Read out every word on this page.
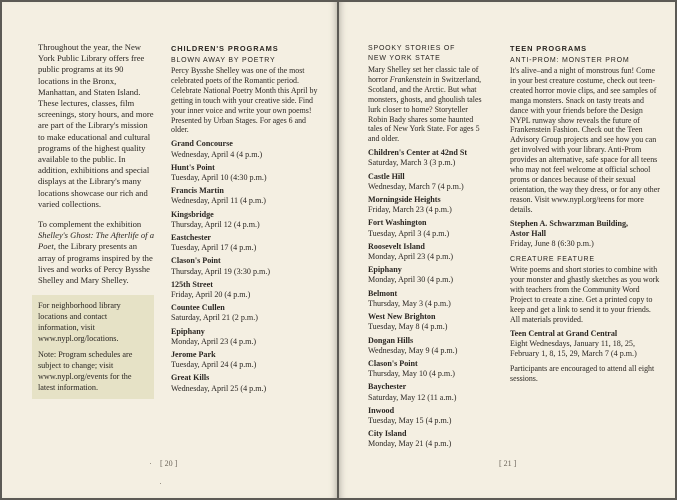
Throughout the year, the New York Public Library offers free public programs at its 90 locations in the Bronx, Manhattan, and Staten Island. These lectures, classes, film screenings, story hours, and more are part of the Library's mission to make educational and cultural programs of the highest quality available to the public. In addition, exhibitions and special displays at the Library's many locations showcase our rich and varied collections.

To complement the exhibition Shelley's Ghost: The Afterlife of a Poet, the Library presents an array of programs inspired by the lives and works of Percy Bysshe Shelley and Mary Shelley.

For neighborhood library locations and contact information, visit www.nypl.org/locations.

Note: Program schedules are subject to change; visit www.nypl.org/events for the latest information.

CHILDREN'S PROGRAMS
BLOWN AWAY BY POETRY

Percy Bysshe Shelley was one of the most celebrated poets of the Romantic period. Celebrate National Poetry Month this April by getting in touch with your creative side. Find your inner voice and write your own poems! Presented by Urban Stages. For ages 6 and older.

Grand Concourse
Wednesday, April 4 (4 p.m.)
Hunt's Point
Tuesday, April 10 (4:30 p.m.)
Francis Martin
Wednesday, April 11 (4 p.m.)
Kingsbridge
Thursday, April 12 (4 p.m.)
Eastchester
Tuesday, April 17 (4 p.m.)
Clason's Point
Thursday, April 19 (3:30 p.m.)
125th Street
Friday, April 20 (4 p.m.)
Countee Cullen
Saturday, April 21 (2 p.m.)
Epiphany
Monday, April 23 (4 p.m.)
Jerome Park
Tuesday, April 24 (4 p.m.)
Great Kills
Wednesday, April 25 (4 p.m.)
[ 20 ]
SPOOKY STORIES OF
NEW YORK STATE

Mary Shelley set her classic tale of horror Frankenstein in Switzerland, Scotland, and the Arctic. But what monsters, ghosts, and ghoulish tales lurk closer to home? Storyteller Robin Bady shares some haunted tales of New York State. For ages 5 and older.

Children's Center at 42nd St
Saturday, March 3 (3 p.m.)
Castle Hill
Wednesday, March 7 (4 p.m.)
Morningside Heights
Friday, March 23 (4 p.m.)
Fort Washington
Tuesday, April 3 (4 p.m.)
Roosevelt Island
Monday, April 23 (4 p.m.)
Epiphany
Monday, April 30 (4 p.m.)
Belmont
Thursday, May 3 (4 p.m.)
West New Brighton
Tuesday, May 8 (4 p.m.)
Dongan Hills
Wednesday, May 9 (4 p.m.)
Clason's Point
Thursday, May 10 (4 p.m.)
Baychester
Saturday, May 12 (11 a.m.)
Inwood
Tuesday, May 15 (4 p.m.)
City Island
Monday, May 21 (4 p.m.)
TEEN PROGRAMS
ANTI-PROM: MONSTER PROM

It's alive–and a night of monstrous fun! Come in your best creature costume, check out teen-created horror movie clips, and see samples of manga monsters. Snack on tasty treats and dance with your friends before the Design NYPL runway show reveals the future of Frankenstein Fashion. Check out the Teen Advisory Group projects and see how you can get involved with your library. Anti-Prom provides an alternative, safe space for all teens who may not feel welcome at official school proms or dances because of their sexual orientation, the way they dress, or for any other reason. Visit www.nypl.org/teens for more details.

Stephen A. Schwarzman Building,
Astor Hall
Friday, June 8 (6:30 p.m.)
CREATURE FEATURE

Write poems and short stories to combine with your monster and ghastly sketches as you work with teachers from the Community Word Project to create a zine. Get a printed copy to keep and get a link to send it to your friends. All materials provided.

Teen Central at Grand Central
Eight Wednesdays, January 11, 18, 25, February 1, 8, 15, 29, March 7 (4 p.m.)

Participants are encouraged to attend all eight sessions.

[ 21 ]
